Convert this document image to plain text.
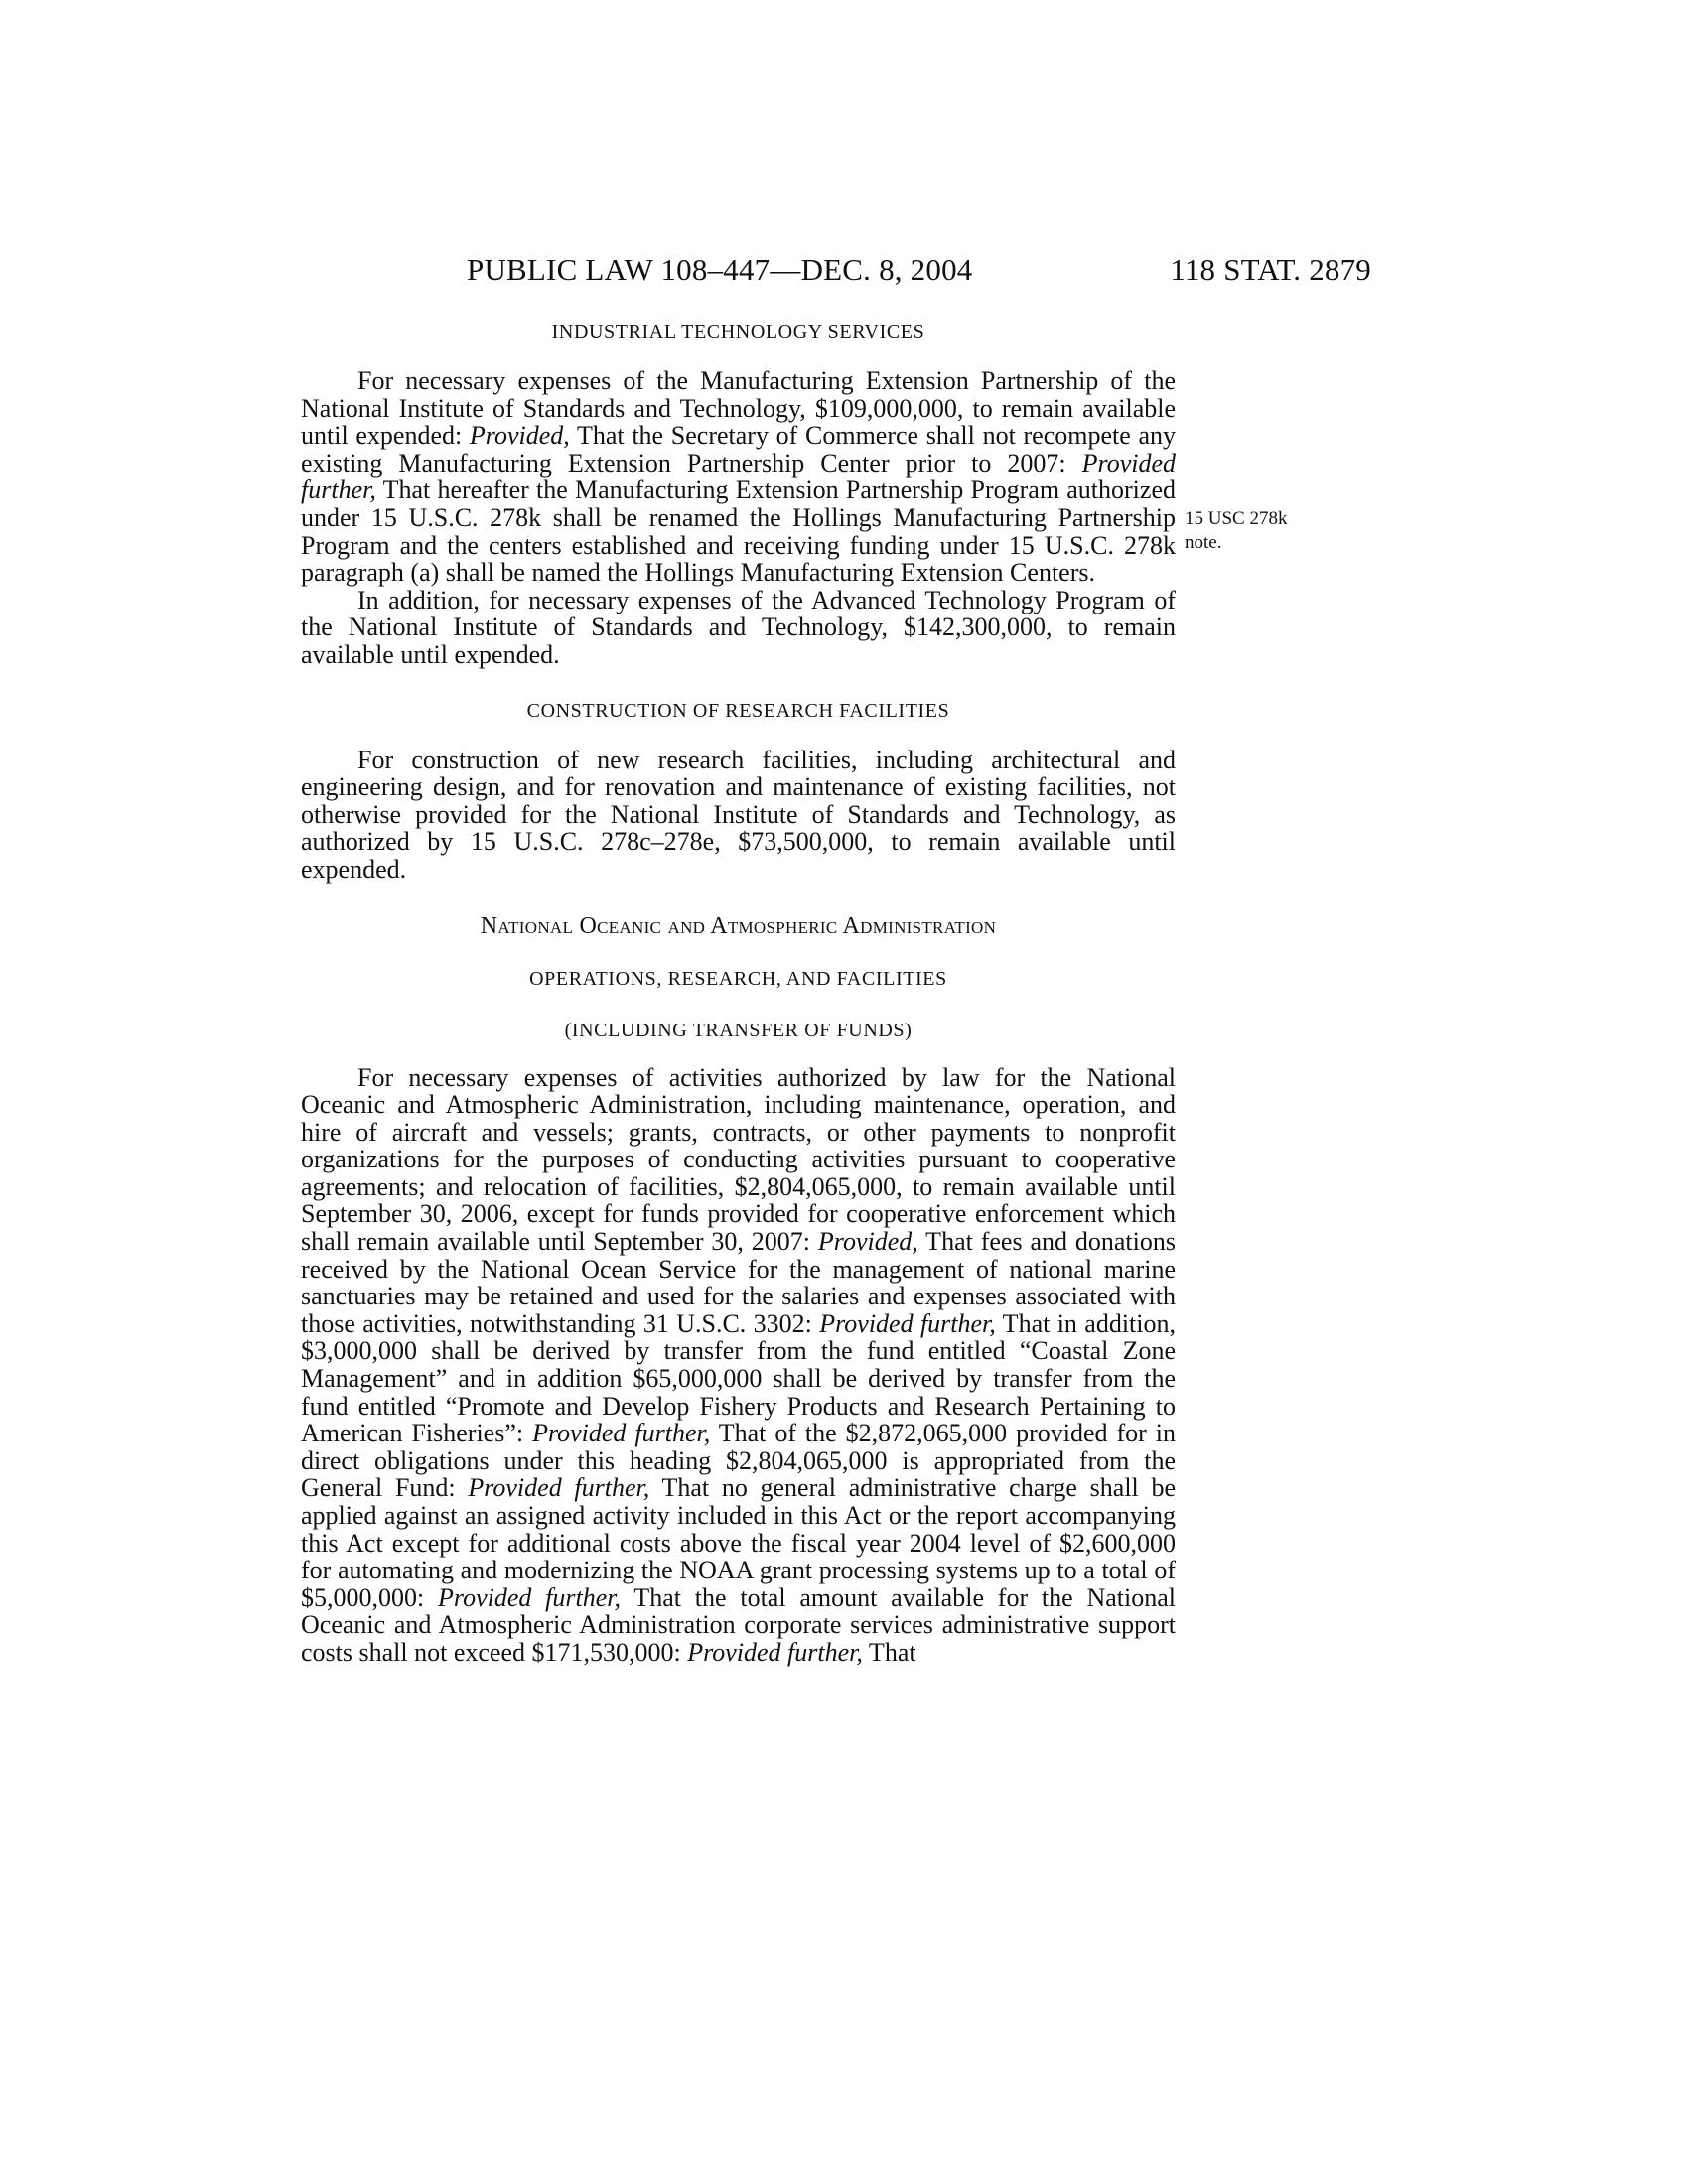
PUBLIC LAW 108–447—DEC. 8, 2004	118 STAT. 2879
15 USC 278k
note.
INDUSTRIAL TECHNOLOGY SERVICES

For necessary expenses of the Manufacturing Extension Partnership of the National Institute of Standards and Technology, $109,000,000, to remain available until expended: Provided, That the Secretary of Commerce shall not recompete any existing Manufacturing Extension Partnership Center prior to 2007: Provided further, That hereafter the Manufacturing Extension Partnership Program authorized under 15 U.S.C. 278k shall be renamed the Hollings Manufacturing Partnership Program and the centers established and receiving funding under 15 U.S.C. 278k paragraph (a) shall be named the Hollings Manufacturing Extension Centers.

In addition, for necessary expenses of the Advanced Technology Program of the National Institute of Standards and Technology, $142,300,000, to remain available until expended.

CONSTRUCTION OF RESEARCH FACILITIES

For construction of new research facilities, including architectural and engineering design, and for renovation and maintenance of existing facilities, not otherwise provided for the National Institute of Standards and Technology, as authorized by 15 U.S.C. 278c–278e, $73,500,000, to remain available until expended.

National Oceanic and Atmospheric Administration
OPERATIONS, RESEARCH, AND FACILITIES
(INCLUDING TRANSFER OF FUNDS)

For necessary expenses of activities authorized by law for the National Oceanic and Atmospheric Administration, including maintenance, operation, and hire of aircraft and vessels; grants, contracts, or other payments to nonprofit organizations for the purposes of conducting activities pursuant to cooperative agreements; and relocation of facilities, $2,804,065,000, to remain available until September 30, 2006, except for funds provided for cooperative enforcement which shall remain available until September 30, 2007: Provided, That fees and donations received by the National Ocean Service for the management of national marine sanctuaries may be retained and used for the salaries and expenses associated with those activities, notwithstanding 31 U.S.C. 3302: Provided further, That in addition, $3,000,000 shall be derived by transfer from the fund entitled “Coastal Zone Management” and in addition $65,000,000 shall be derived by transfer from the fund entitled “Promote and Develop Fishery Products and Research Pertaining to American Fisheries”: Provided further, That of the $2,872,065,000 provided for in direct obligations under this heading $2,804,065,000 is appropriated from the General Fund: Provided further, That no general administrative charge shall be applied against an assigned activity included in this Act or the report accompanying this Act except for additional costs above the fiscal year 2004 level of $2,600,000 for automating and modernizing the NOAA grant processing systems up to a total of $5,000,000: Provided further, That the total amount available for the National Oceanic and Atmospheric Administration corporate services administrative support costs shall not exceed $171,530,000: Provided further, That
